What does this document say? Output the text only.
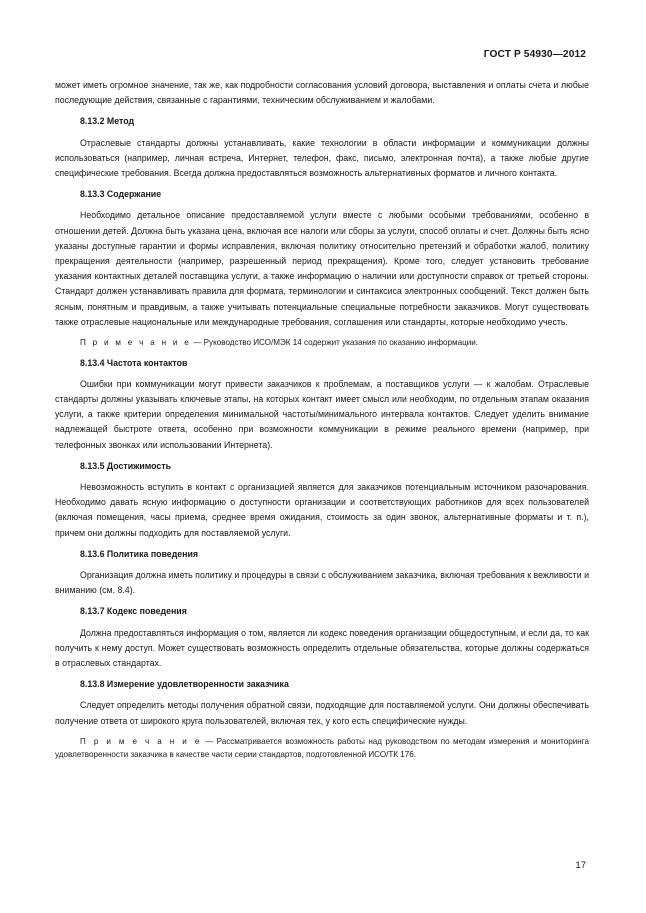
ГОСТ Р 54930—2012

может иметь огромное значение, так же, как подробности согласования условий договора, выставления и оплаты счета и любые последующие действия, связанные с гарантиями, техническим обслуживанием и жалобами.

8.13.2 Метод

Отраслевые стандарты должны устанавливать, какие технологии в области информации и коммуникации должны использоваться (например, личная встреча, Интернет, телефон, факс, письмо, электронная почта), а также любые другие специфические требования. Всегда должна предоставляться возможность альтернативных форматов и личного контакта.

8.13.3 Содержание

Необходимо детальное описание предоставляемой услуги вместе с любыми особыми требованиями, особенно в отношении детей. Должна быть указана цена, включая все налоги или сборы за услуги, способ оплаты и счет. Должны быть ясно указаны доступные гарантии и формы исправления, включая политику относительно претензий и обработки жалоб, политику прекращения деятельности (например, разрешенный период прекращения). Кроме того, следует установить требование указания контактных деталей поставщика услуги, а также информацию о наличии или доступности справок от третьей стороны. Стандарт должен устанавливать правила для формата, терминологии и синтаксиса электронных сообщений. Текст должен быть ясным, понятным и правдивым, а также учитывать потенциальные специальные потребности заказчиков. Могут существовать также отраслевые национальные или международные требования, соглашения или стандарты, которые необходимо учесть.

П р и м е ч а н и е — Руководство ИСО/МЭК 14 содержит указания по оказанию информации.
8.13.4 Частота контактов

Ошибки при коммуникации могут привести заказчиков к проблемам, а поставщиков услуги — к жалобам. Отраслевые стандарты должны указывать ключевые этапы, на которых контакт имеет смысл или необходим, по отдельным этапам оказания услуги, а также критерии определения минимальной частоты/минимального интервала контактов. Следует уделить внимание надлежащей быстроте ответа, особенно при возможности коммуникации в режиме реального времени (например, при телефонных звонках или использовании Интернета).

8.13.5 Достижимость

Невозможность вступить в контакт с организацией является для заказчиков потенциальным источником разочарования. Необходимо давать ясную информацию о доступности организации и соответствующих работников для всех пользователей (включая помещения, часы приема, среднее время ожидания, стоимость за один звонок, альтернативные форматы и т. п.), причем они должны подходить для поставляемой услуги.

8.13.6 Политика поведения

Организация должна иметь политику и процедуры в связи с обслуживанием заказчика, включая требования к вежливости и вниманию (см. 8.4).

8.13.7 Кодекс поведения

Должна предоставляться информация о том, является ли кодекс поведения организации общедоступным, и если да, то как получить к нему доступ. Может существовать возможность определить отдельные обязательства, которые должны содержаться в отраслевых стандартах.

8.13.8 Измерение удовлетворенности заказчика

Следует определить методы получения обратной связи, подходящие для поставляемой услуги. Они должны обеспечивать получение ответа от широкого круга пользователей, включая тех, у кого есть специфические нужды.

П р и м е ч а н и е — Рассматривается возможность работы над руководством по методам измерения и мониторинга удовлетворенности заказчика в качестве части серии стандартов, подготовленной ИСО/ТК 176.
17
